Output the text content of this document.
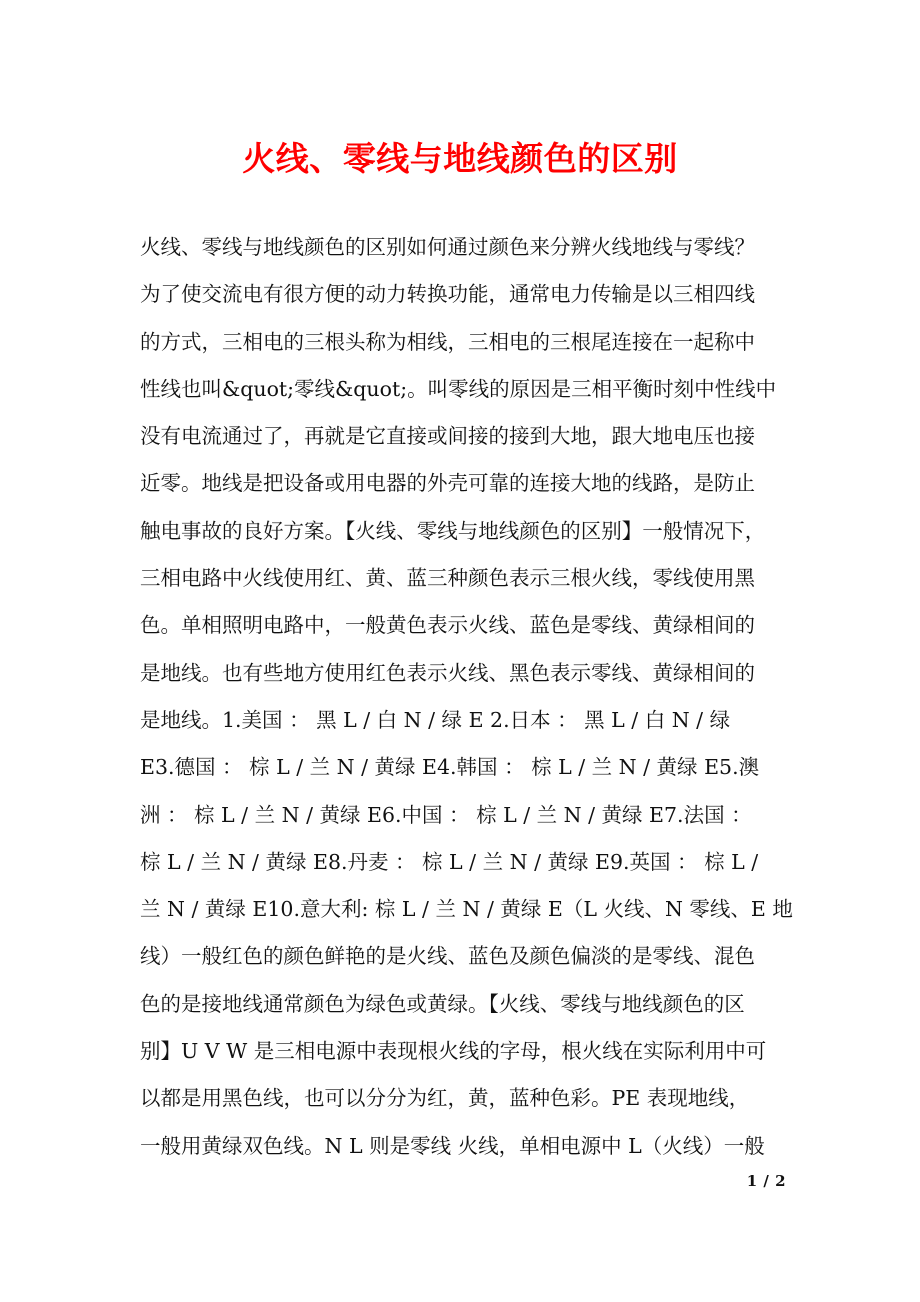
火线、零线与地线颜色的区别
火线、零线与地线颜色的区别如何通过颜色来分辨火线地线与零线？
为了使交流电有很方便的动力转换功能，通常电力传输是以三相四线
的方式，三相电的三根头称为相线，三相电的三根尾连接在一起称中
性线也叫&quot;零线&quot;。叫零线的原因是三相平衡时刻中性线中
没有电流通过了，再就是它直接或间接的接到大地，跟大地电压也接
近零。地线是把设备或用电器的外壳可靠的连接大地的线路，是防止
触电事故的良好方案。【火线、零线与地线颜色的区别】一般情况下，
三相电路中火线使用红、黄、蓝三种颜色表示三根火线，零线使用黑
色。单相照明电路中，一般黄色表示火线、蓝色是零线、黄绿相间的
是地线。也有些地方使用红色表示火线、黑色表示零线、黄绿相间的
是地线。1.美国 ： 黑 L / 白 N / 绿 E 2.日本 ： 黑 L / 白 N / 绿
E3.德国 ： 棕 L / 兰 N / 黄绿 E4.韩国 ： 棕 L / 兰 N / 黄绿 E5.澳
洲 ： 棕 L / 兰 N / 黄绿 E6.中国 ： 棕 L / 兰 N / 黄绿 E7.法国 ：
棕 L / 兰 N / 黄绿 E8.丹麦 ： 棕 L / 兰 N / 黄绿 E9.英国 ： 棕 L /
兰 N / 黄绿 E10.意大利: 棕 L / 兰 N / 黄绿 E（L 火线、N 零线、E 地
线）一般红色的颜色鲜艳的是火线、蓝色及颜色偏淡的是零线、混色
色的是接地线通常颜色为绿色或黄绿。【火线、零线与地线颜色的区
别】U V W 是三相电源中表现根火线的字母，根火线在实际利用中可
以都是用黑色线，也可以分分为红，黄，蓝种色彩。PE 表现地线，
一般用黄绿双色线。N L 则是零线 火线，单相电源中 L（火线）一般
1 / 2
